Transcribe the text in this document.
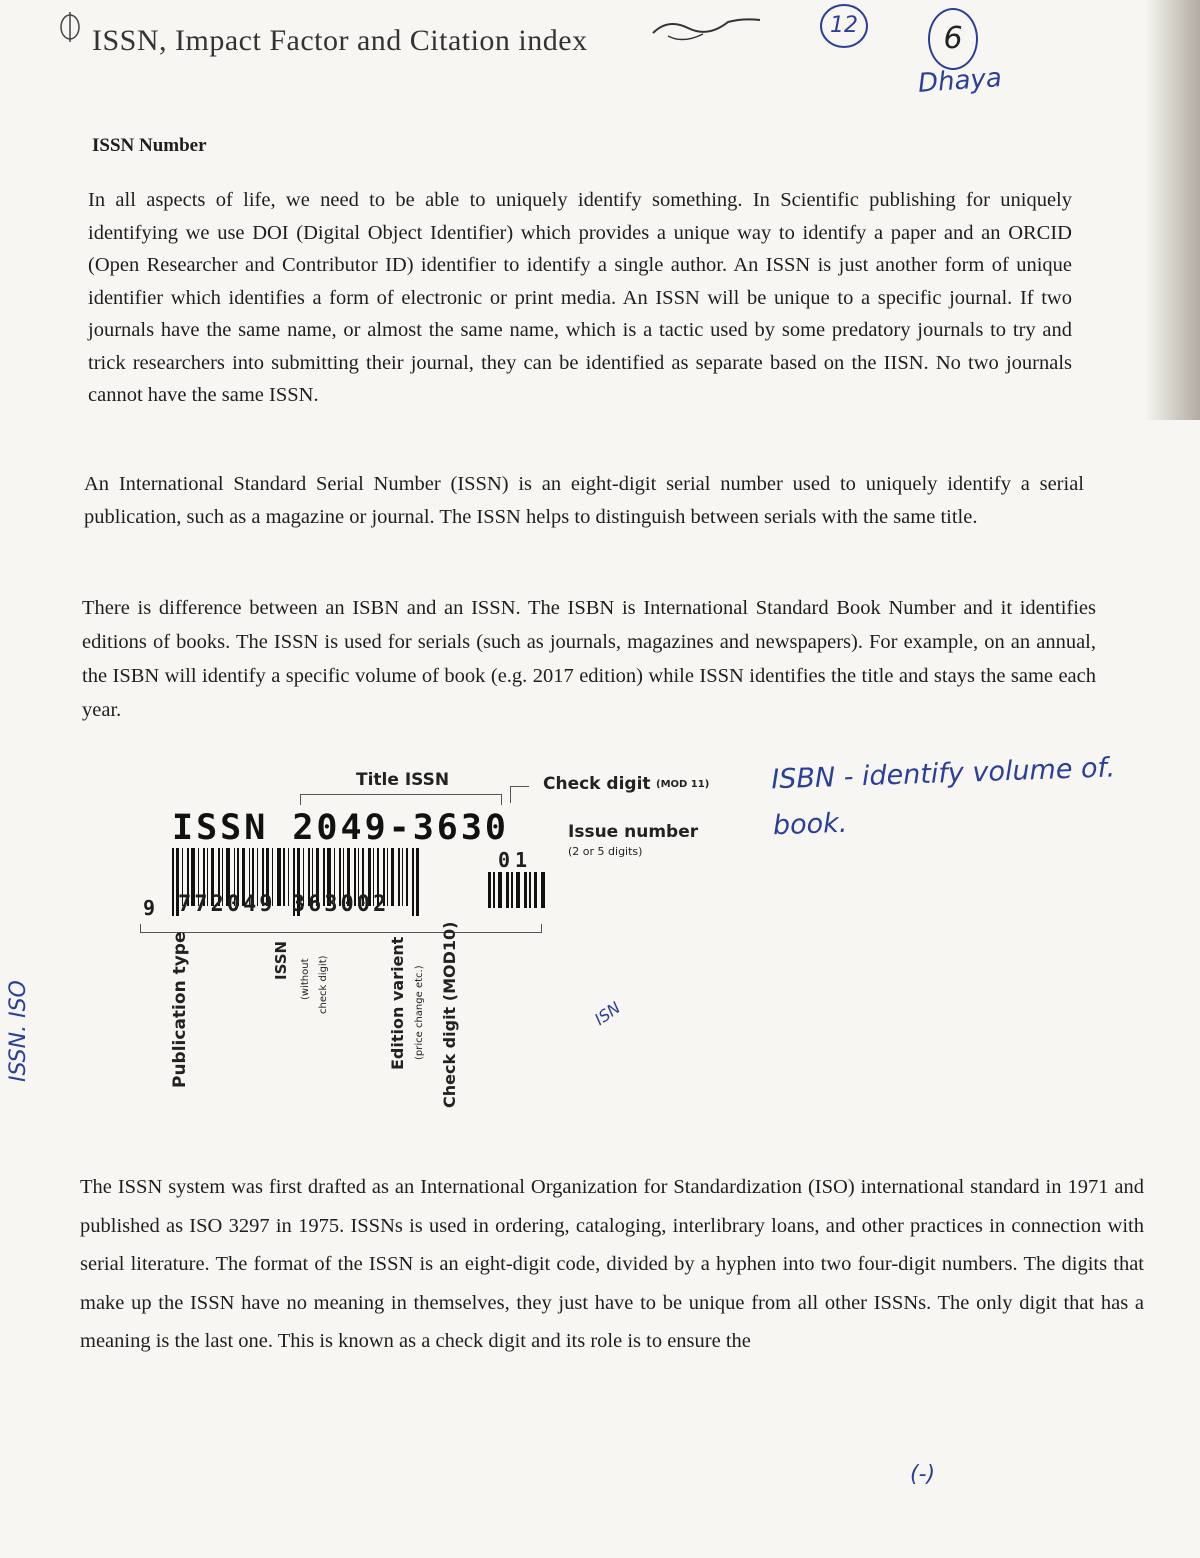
ISSN, Impact Factor and Citation index	12	6
Dhaya
ISSN Number

In all aspects of life, we need to be able to uniquely identify something. In Scientific publishing for uniquely identifying we use DOI (Digital Object Identifier) which provides a unique way to identify a paper and an ORCID (Open Researcher and Contributor ID) identifier to identify a single author. An ISSN is just another form of unique identifier which identifies a form of electronic or print media. An ISSN will be unique to a specific journal. If two journals have the same name, or almost the same name, which is a tactic used by some predatory journals to try and trick researchers into submitting their journal, they can be identified as separate based on the IISN. No two journals cannot have the same ISSN.

An International Standard Serial Number (ISSN) is an eight-digit serial number used to uniquely identify a serial publication, such as a magazine or journal. The ISSN helps to distinguish between serials with the same title.

There is difference between an ISBN and an ISSN. The ISBN is International Standard Book Number and it identifies editions of books. The ISSN is used for serials (such as journals, magazines and newspapers). For example, on an annual, the ISBN will identify a specific volume of book (e.g. 2017 edition) while ISSN identifies the title and stays the same each year.

Title ISSN	Check digit (MOD 11)
ISSN 2049-3630	Issue number
(2 or 5 digits)
01
9 772049 363002
Publication type	ISSN (without check digit)	Edition varient (price change etc.) Check digit (MOD10)
ISBN - identify volume of. book.
ISSN. ISO	ISN
(-)

The ISSN system was first drafted as an International Organization for Standardization (ISO) international standard in 1971 and published as ISO 3297 in 1975. ISSNs is used in ordering, cataloging, interlibrary loans, and other practices in connection with serial literature. The format of the ISSN is an eight-digit code, divided by a hyphen into two four-digit numbers. The digits that make up the ISSN have no meaning in themselves, they just have to be unique from all other ISSNs. The only digit that has a meaning is the last one. This is known as a check digit and its role is to ensure the
